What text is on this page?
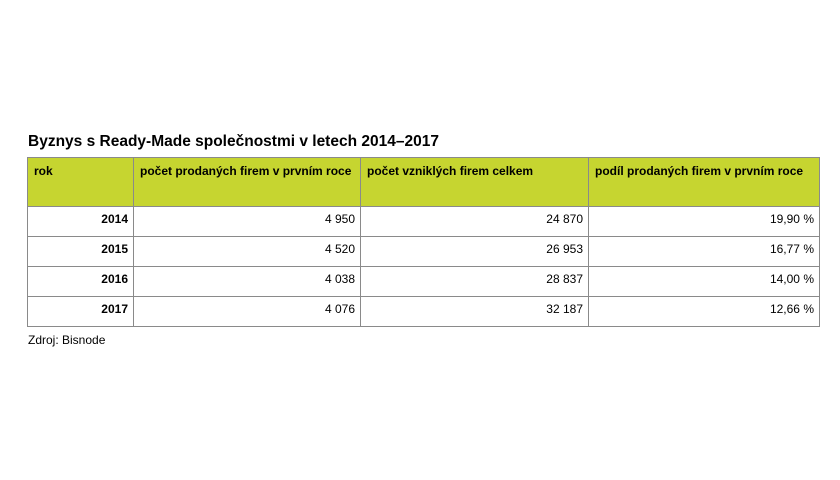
Byznys s Ready-Made společnostmi v letech 2014–2017
rok	počet prodaných firem v prvním roce	počet vzniklých firem celkem	podíl prodaných firem v prvním roce
2014	4 950	24 870	19,90 %
2015	4 520	26 953	16,77 %
2016	4 038	28 837	14,00 %
2017	4 076	32 187	12,66 %
Zdroj: Bisnode
